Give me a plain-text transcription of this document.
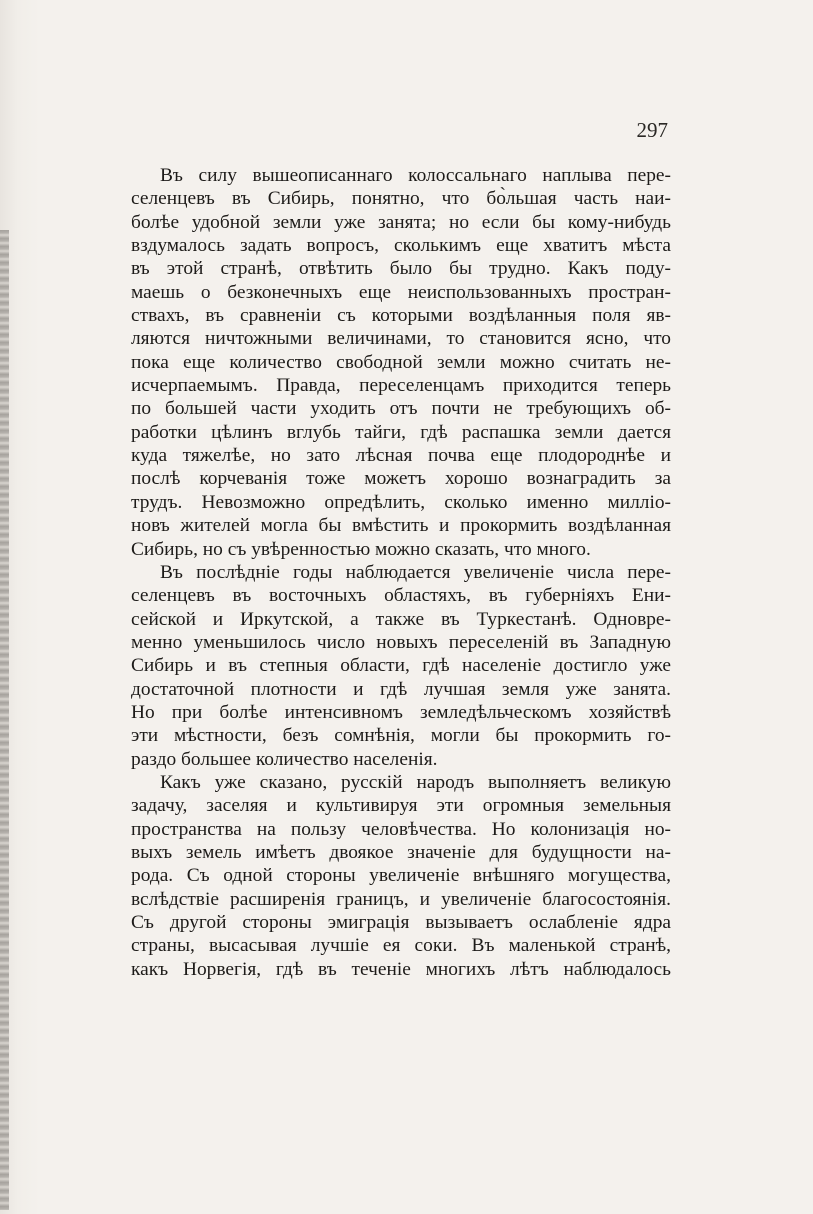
297
Въ силу вышеописаннаго колоссальнаго наплыва пере-
селенцевъ въ Сибирь, понятно, что бо̀льшая часть наи-
болѣе удобной земли уже занята; но если бы кому-нибудь
вздумалось задать вопросъ, сколькимъ еще хватитъ мѣста
въ этой странѣ, отвѣтить было бы трудно. Какъ поду-
маешь о безконечныхъ еще неиспользованныхъ простран-
ствахъ, въ сравненіи съ которыми воздѣланныя поля яв-
ляются ничтожными величинами, то становится ясно, что
пока еще количество свободной земли можно считать не-
исчерпаемымъ. Правда, переселенцамъ приходится теперь
по большей части уходить отъ почти не требующихъ об-
работки цѣлинъ вглубь тайги, гдѣ распашка земли дается
куда тяжелѣе, но зато лѣсная почва еще плодороднѣе и
послѣ корчеванія тоже можетъ хорошо вознаградить за
трудъ. Невозможно опредѣлить, сколько именно милліо-
новъ жителей могла бы вмѣстить и прокормить воздѣланная
Сибирь, но съ увѣренностью можно сказать, что много.
Въ послѣдніе годы наблюдается увеличеніе числа пере-
селенцевъ въ восточныхъ областяхъ, въ губерніяхъ Ени-
сейской и Иркутской, а также въ Туркестанѣ. Одновре-
менно уменьшилось число новыхъ переселеній въ Западную
Сибирь и въ степныя области, гдѣ населеніе достигло уже
достаточной плотности и гдѣ лучшая земля уже занята.
Но при болѣе интенсивномъ земледѣльческомъ хозяйствѣ
эти мѣстности, безъ сомнѣнія, могли бы прокормить го-
раздо большее количество населенія.
Какъ уже сказано, русскій народъ выполняетъ великую
задачу, заселяя и культивируя эти огромныя земельныя
пространства на пользу человѣчества. Но колонизація но-
выхъ земель имѣетъ двоякое значеніе для будущности на-
рода. Съ одной стороны увеличеніе внѣшняго могущества,
вслѣдствіе расширенія границъ, и увеличеніе благосостоянія.
Съ другой стороны эмиграція вызываетъ ослабленіе ядра
страны, высасывая лучшіе ея соки. Въ маленькой странѣ,
какъ Норвегія, гдѣ въ теченіе многихъ лѣтъ наблюдалось
